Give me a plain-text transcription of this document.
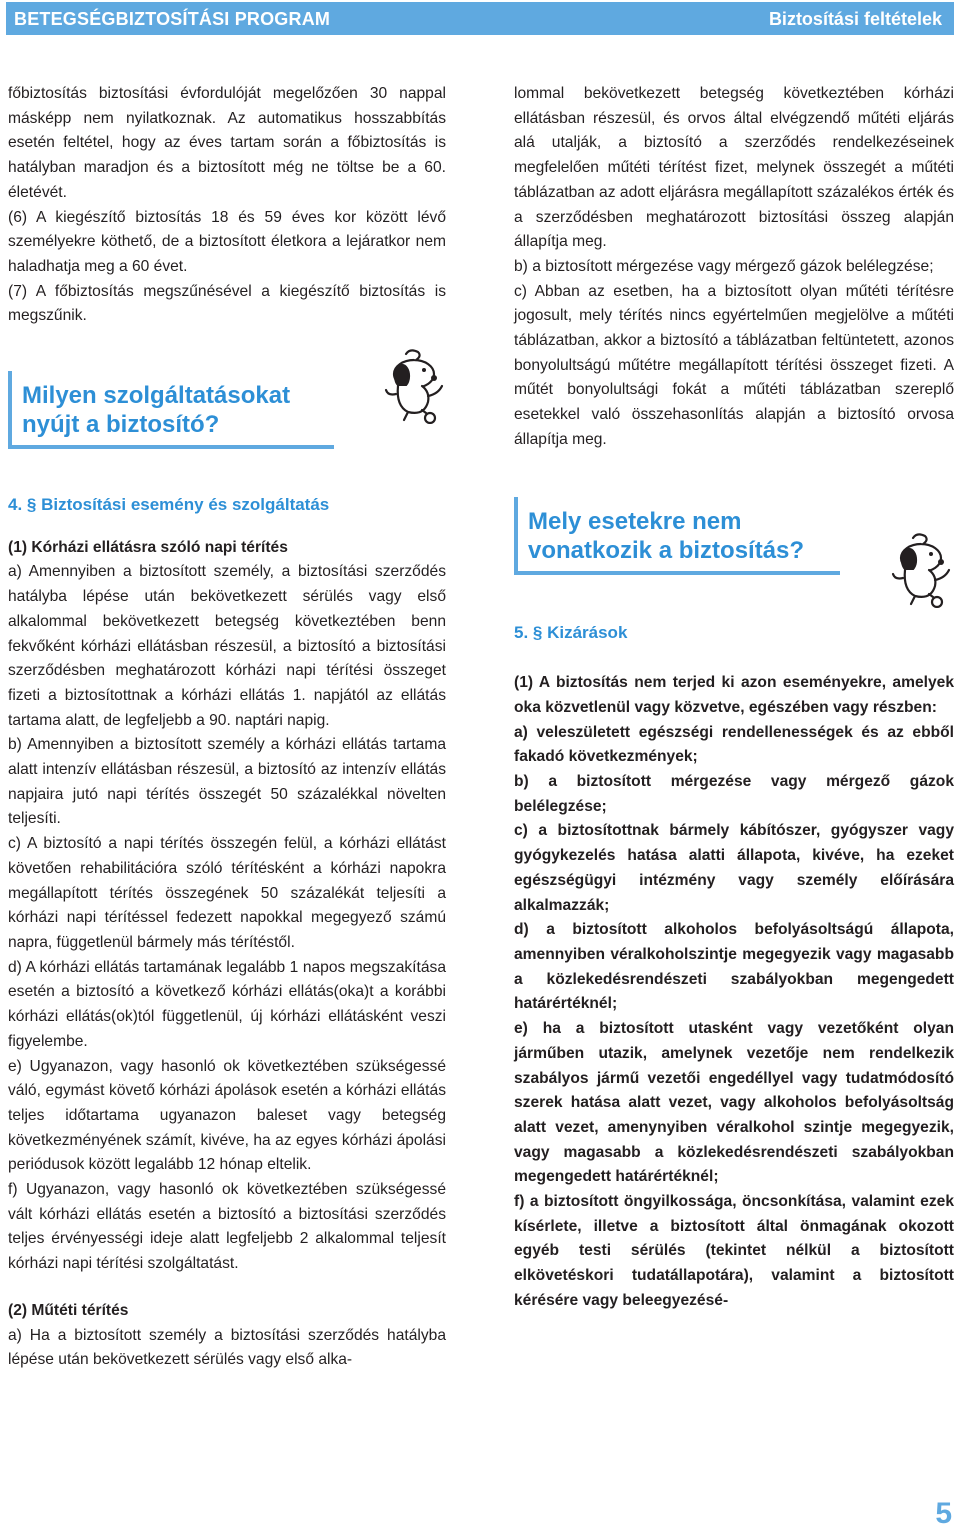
BETEGSÉGBIZTOSÍTÁSI PROGRAM	Biztosítási feltételek

főbiztosítás biztosítási évfordulóját megelőzően 30 nappal másképp nem nyilatkoznak. Az automatikus hosszabbítás esetén feltétel, hogy az éves tartam során a főbiztosítás is hatályban maradjon és a biztosított még ne töltse be a 60. életévét.

(6) A kiegészítő biztosítás 18 és 59 éves kor között lévő személyekre köthető, de a biztosított életkora a lejáratkor nem haladhatja meg a 60 évet.

(7) A főbiztosítás megszűnésével a kiegészítő biztosítás is megszűnik.

Milyen szolgáltatásokat nyújt a biztosító?

4. § Biztosítási esemény és szolgáltatás

(1) Kórházi ellátásra szóló napi térítés

a) Amennyiben a biztosított személy, a biztosítási szerződés hatályba lépése után bekövetkezett sérülés vagy első alkalommal bekövetkezett betegség következtében benn fekvőként kórházi ellátásban részesül, a biztosító a biztosítási szerződésben meghatározott kórházi napi térítési összeget fizeti a biztosítottnak a kórházi ellátás 1. napjától az ellátás tartama alatt, de legfeljebb a 90. naptári napig.

b) Amennyiben a biztosított személy a kórházi ellátás tartama alatt intenzív ellátásban részesül, a biztosító az intenzív ellátás napjaira jutó napi térítés összegét 50 százalékkal növelten teljesíti.

c) A biztosító a napi térítés összegén felül, a kórházi ellátást követően rehabilitációra szóló térítésként a kórházi napokra megállapított térítés összegének 50 százalékát teljesíti a kórházi napi térítéssel fedezett napokkal megegyező számú napra, függetlenül bármely más térítéstől.

d) A kórházi ellátás tartamának legalább 1 napos megszakítása esetén a biztosító a következő kórházi ellátás(oka)t a korábbi kórházi ellátás(ok)tól függetlenül, új kórházi ellátásként veszi figyelembe.

e) Ugyanazon, vagy hasonló ok következtében szükségessé váló, egymást követő kórházi ápolások esetén a kórházi ellátás teljes időtartama ugyanazon baleset vagy betegség következményének számít, kivéve, ha az egyes kórházi ápolási periódusok között legalább 12 hónap eltelik.

f) Ugyanazon, vagy hasonló ok következtében szükségessé vált kórházi ellátás esetén a biztosító a biztosítási szerződés teljes érvényességi ideje alatt legfeljebb 2 alkalommal teljesít kórházi napi térítési szolgáltatást.

(2) Műtéti térítés

a) Ha a biztosított személy a biztosítási szerződés hatályba lépése után bekövetkezett sérülés vagy első alka-

lommal bekövetkezett betegség következtében kórházi ellátásban részesül, és orvos által elvégzendő műtéti eljárás alá utalják, a biztosító a szerződés rendelkezéseinek megfelelően műtéti térítést fizet, melynek összegét a műtéti táblázatban az adott eljárásra megállapított százalékos érték és a szerződésben meghatározott biztosítási összeg alapján állapítja meg.

b) a biztosított mérgezése vagy mérgező gázok belélegzése;

c) Abban az esetben, ha a biztosított olyan műtéti térítésre jogosult, mely térítés nincs egyértelműen megjelölve a műtéti táblázatban, akkor a biztosító a táblázatban feltüntetett, azonos bonyolultságú műtétre megállapított térítési összeget fizeti. A műtét bonyolultsági fokát a műtéti táblázatban szereplő esetekkel való összehasonlítás alapján a biztosító orvosa állapítja meg.

Mely esetekre nem vonatkozik a biztosítás?

5. § Kizárások

(1) A biztosítás nem terjed ki azon eseményekre, amelyek oka közvetlenül vagy közvetve, egészében vagy részben:

a) veleszületett egészségi rendellenességek és az ebből fakadó következmények;

b) a biztosított mérgezése vagy mérgező gázok belélegzése;

c) a biztosítottnak bármely kábítószer, gyógyszer vagy gyógykezelés hatása alatti állapota, kivéve, ha ezeket egészségügyi intézmény vagy személy előírására alkalmazzák;

d) a biztosított alkoholos befolyásoltságú állapota, amennyiben véralkoholszintje megegyezik vagy magasabb a közlekedésrendészeti szabályokban megengedett határértéknél;

e) ha a biztosított utasként vagy vezetőként olyan járműben utazik, amelynek vezetője nem rendelkezik szabályos jármű vezetői engedéllyel vagy tudatmódosító szerek hatása alatt vezet, vagy alkoholos befolyásoltság alatt vezet, amenynyiben véralkohol szintje megegyezik, vagy magasabb a közlekedésrendészeti szabályokban megengedett határértéknél;

f) a biztosított öngyilkossága, öncsonkítása, valamint ezek kísérlete, illetve a biztosított által önmagának okozott egyéb testi sérülés (tekintet nélkül a biztosított elkövetéskori tudatállapotára), valamint a biztosított kérésére vagy beleegyezésé-

5
